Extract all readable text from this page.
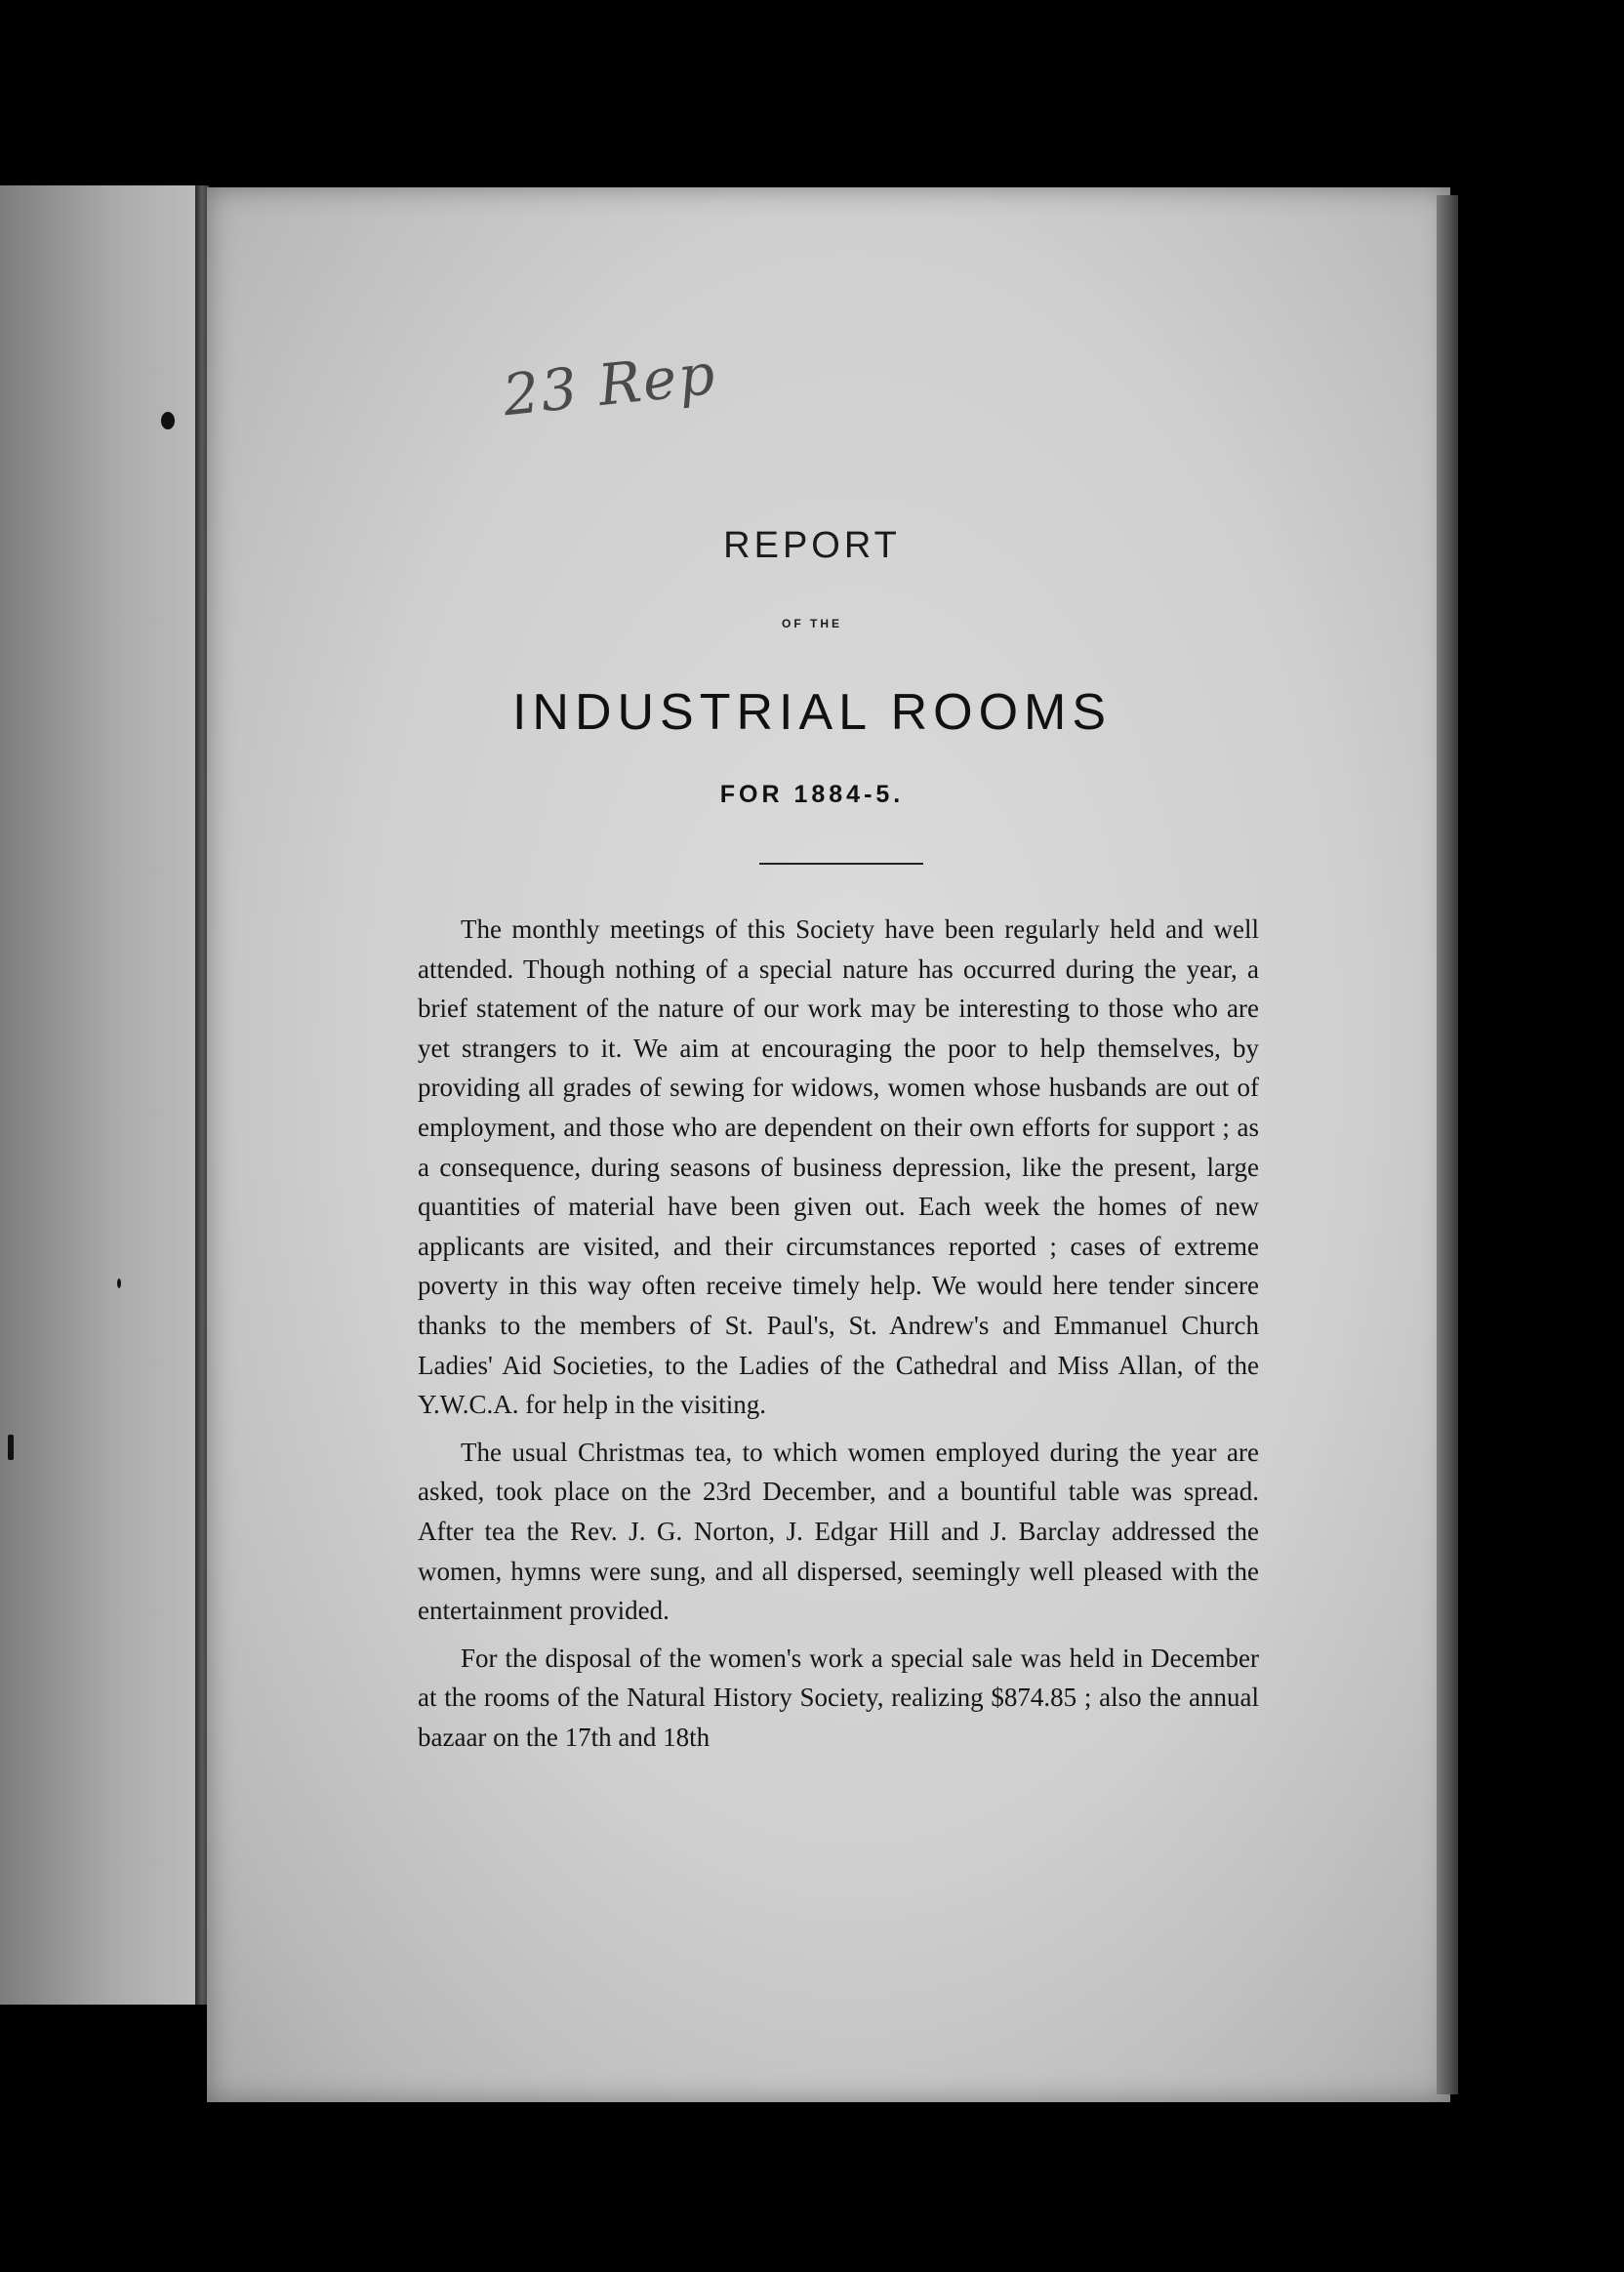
23 Rep
REPORT
OF THE
INDUSTRIAL ROOMS
FOR 1884-5.

The monthly meetings of this Society have been regularly held and well attended. Though nothing of a special nature has occurred during the year, a brief statement of the nature of our work may be interesting to those who are yet strangers to it. We aim at encouraging the poor to help themselves, by providing all grades of sewing for widows, women whose husbands are out of employment, and those who are dependent on their own efforts for support ; as a consequence, during seasons of business depression, like the present, large quantities of material have been given out. Each week the homes of new applicants are visited, and their circumstances reported ; cases of extreme poverty in this way often receive timely help. We would here tender sincere thanks to the members of St. Paul's, St. Andrew's and Emmanuel Church Ladies' Aid Societies, to the Ladies of the Cathedral and Miss Allan, of the Y.W.C.A. for help in the visiting.

The usual Christmas tea, to which women employed during the year are asked, took place on the 23rd December, and a bountiful table was spread. After tea the Rev. J. G. Norton, J. Edgar Hill and J. Barclay addressed the women, hymns were sung, and all dispersed, seemingly well pleased with the entertainment provided.

For the disposal of the women's work a special sale was held in December at the rooms of the Natural History Society, realizing $874.85 ; also the annual bazaar on the 17th and 18th
